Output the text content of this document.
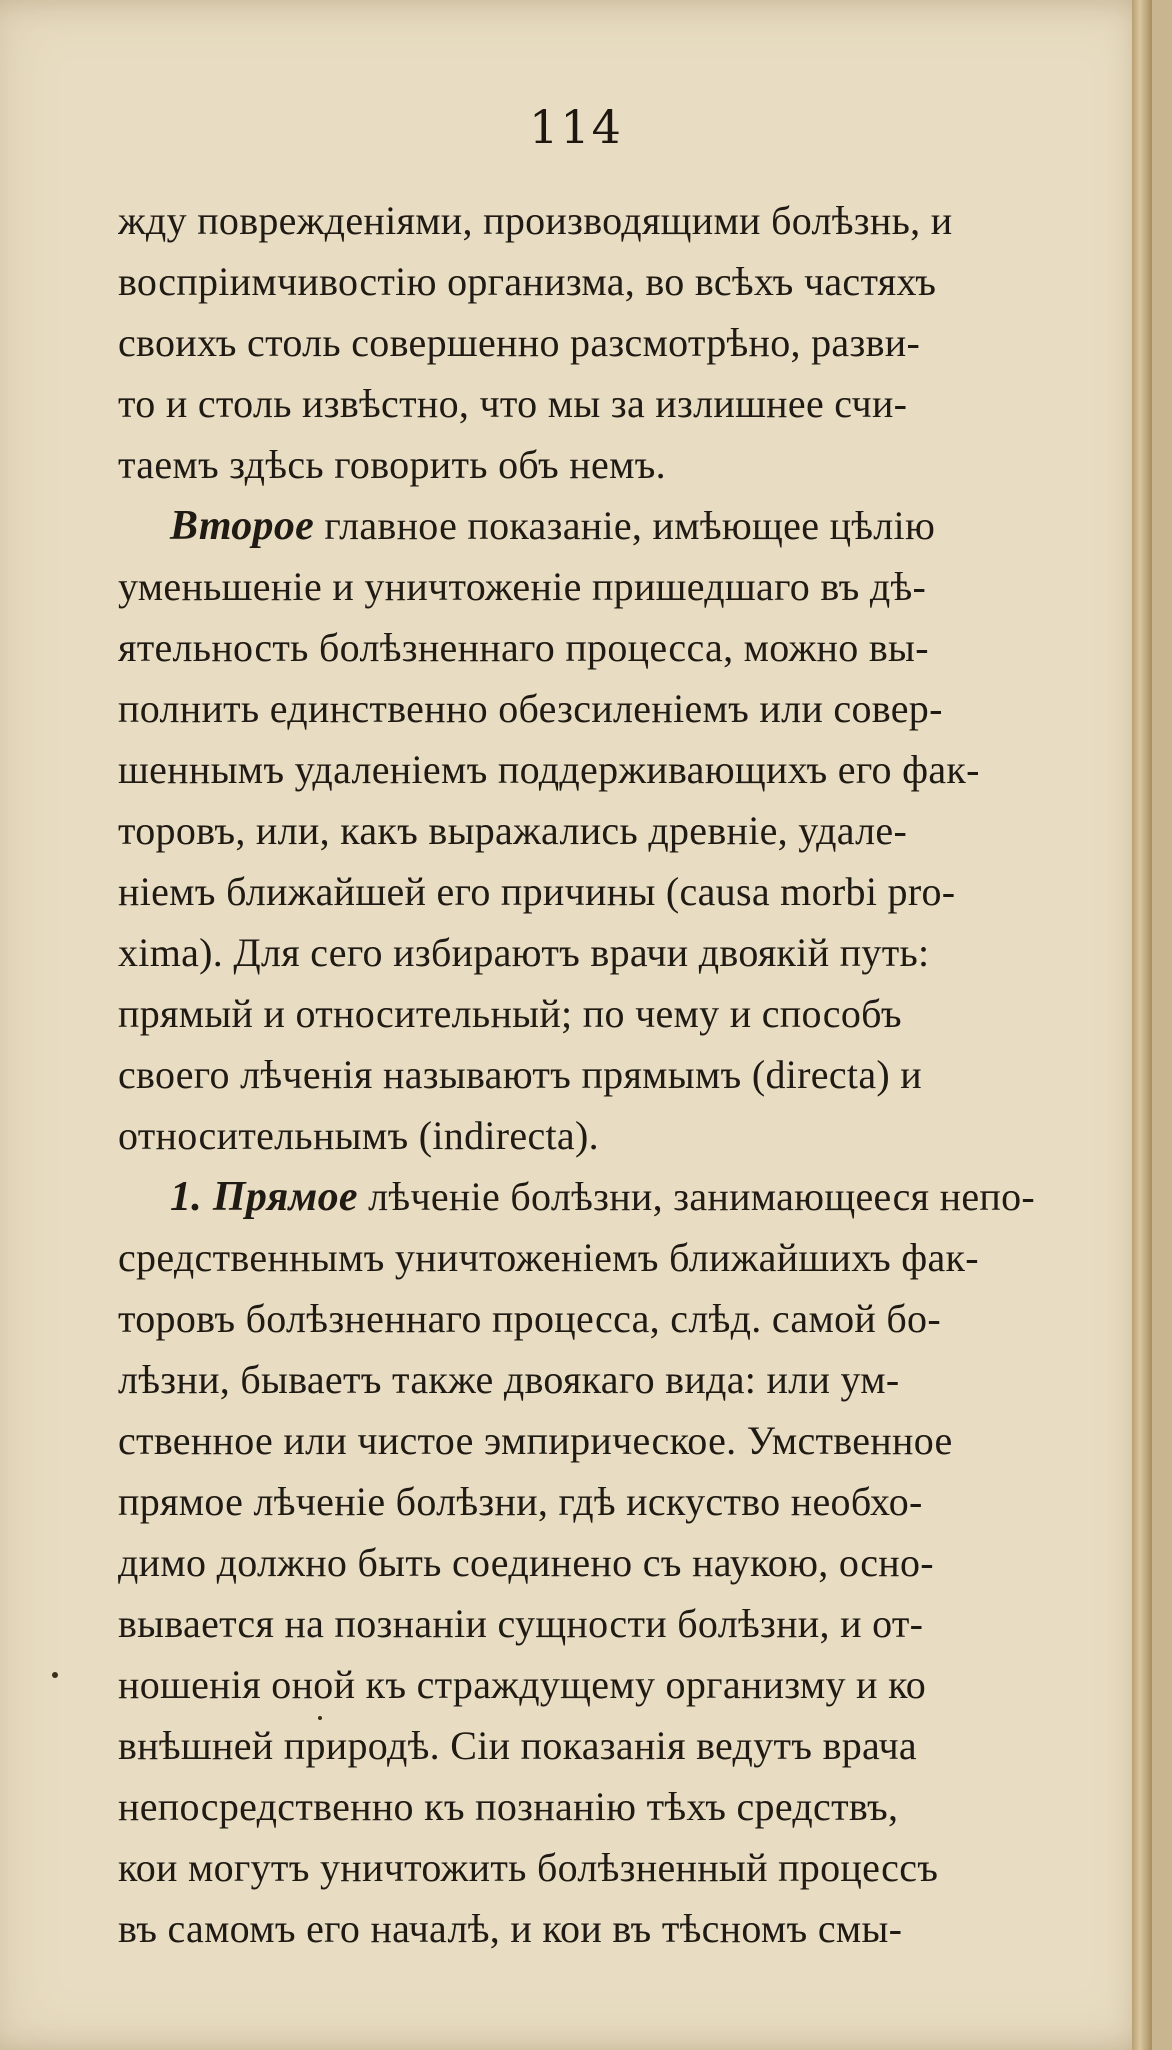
114
жду поврежденiями, производящими болѣзнь, и
воспрiимчивостiю организма, во всѣхъ частяхъ
своихъ столь совершенно разсмотрѣно, разви-
то и столь извѣстно, что мы за излишнее счи-
таемъ здѣсь говорить объ немъ.
Второе главное показанiе, имѣющее цѣлiю
уменьшенiе и уничтоженiе пришедшаго въ дѣ-
ятельность болѣзненнаго процесса, можно вы-
полнить единственно обезсиленiемъ или совер-
шеннымъ удаленiемъ поддерживающихъ его фак-
торовъ, или, какъ выражались древнiе, удале-
нiемъ ближайшей его причины (causa morbi pro-
xima). Для сего избираютъ врачи двоякiй путь:
прямый и относительный; по чему и способъ
своего лѣченiя называютъ прямымъ (directa) и
относительнымъ (indirecta).
1. Прямое лѣченiе болѣзни, занимающееся непо-
средственнымъ уничтоженiемъ ближайшихъ фак-
торовъ болѣзненнаго процесса, слѣд. самой бо-
лѣзни, бываетъ также двоякаго вида: или ум-
ственное или чистое эмпирическое. Умственное
прямое лѣченiе болѣзни, гдѣ искуство необхо-
димо должно быть соединено съ наукою, осно-
вывается на познанiи сущности болѣзни, и от-
ношенiя оной къ страждущему организму и ко
внѣшней природѣ. Сiи показанiя ведутъ врача
непосредственно къ познанiю тѣхъ средствъ,
кои могутъ уничтожить болѣзненный процессъ
въ самомъ его началѣ, и кои въ тѣсномъ смы-
